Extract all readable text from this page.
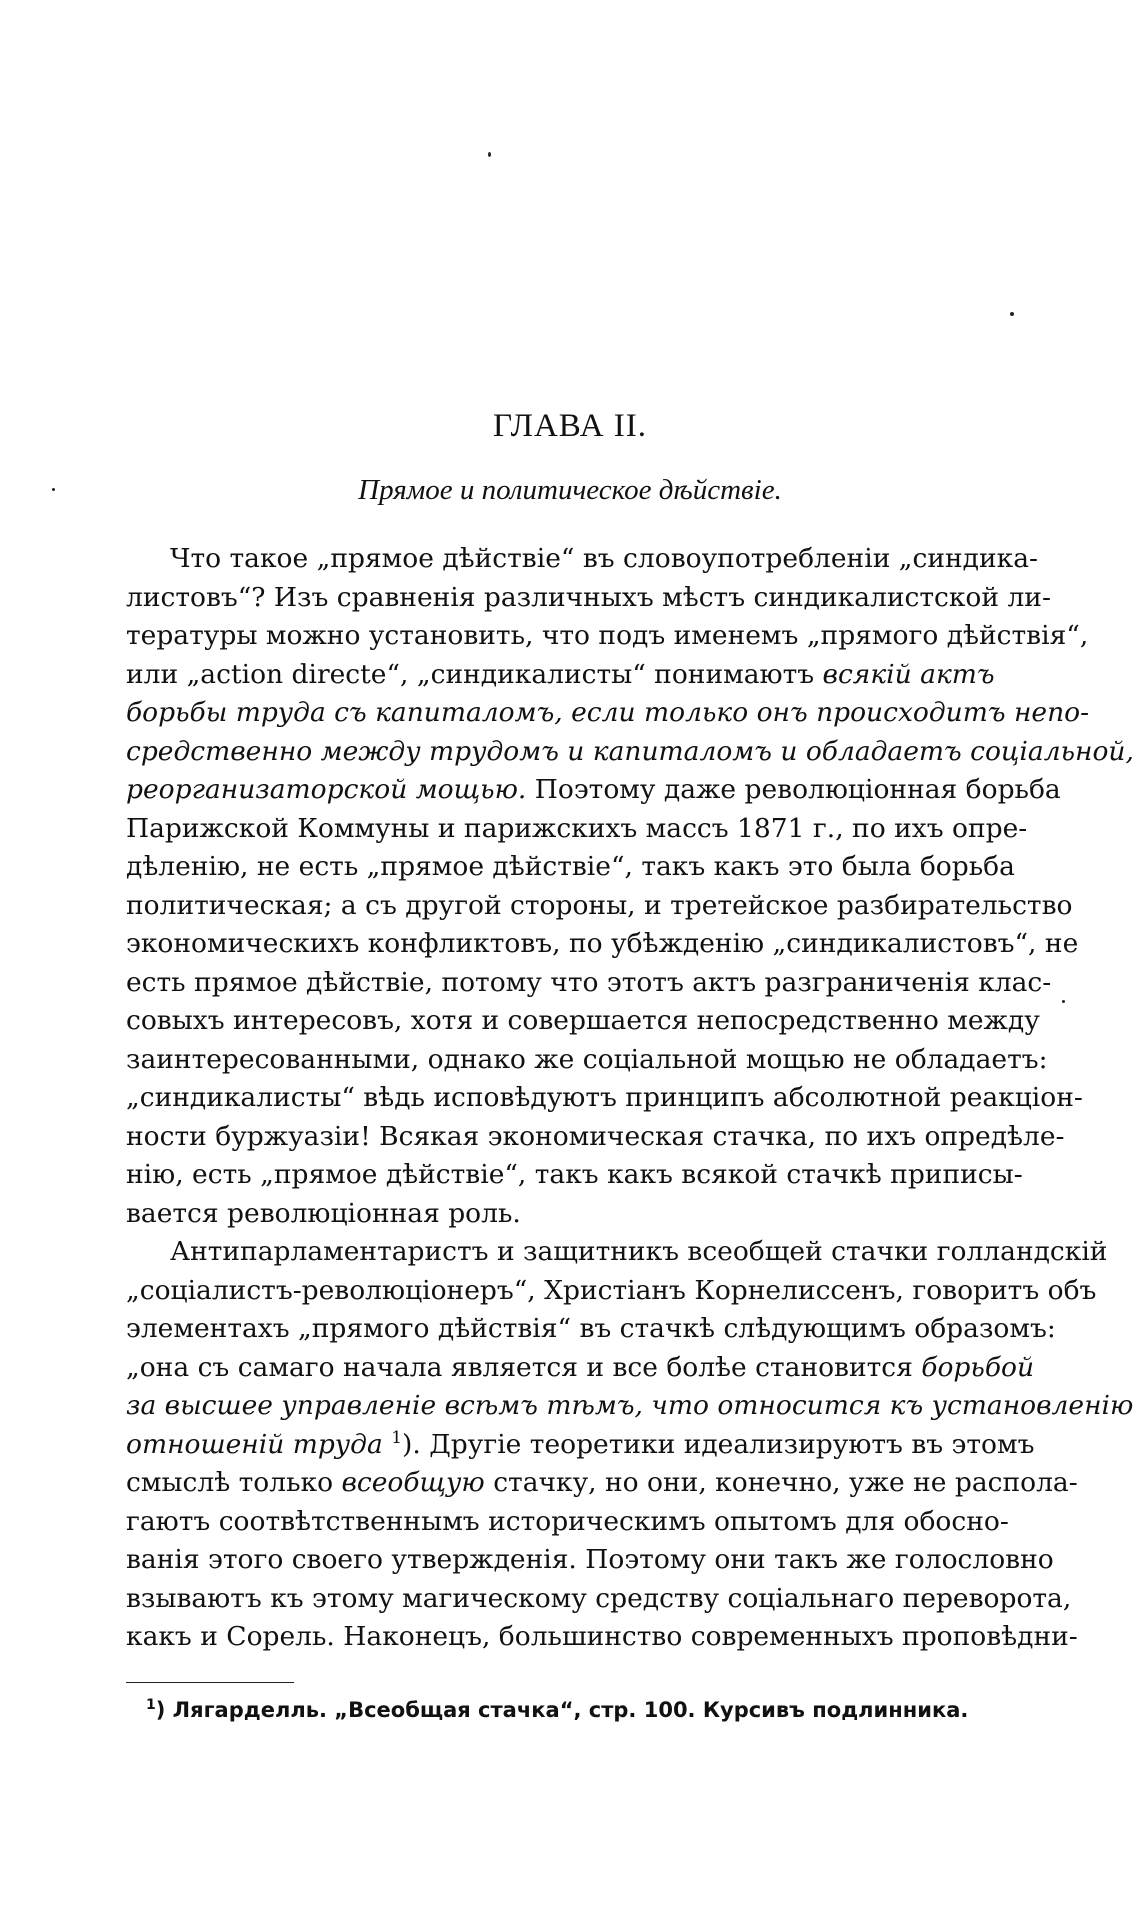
ГЛАВА II.
Прямое и политическое дѣйствіе.
Что такое „прямое дѣйствіе“ въ словоупотребленіи „синдика-
листовъ“? Изъ сравненія различныхъ мѣстъ синдикалистской ли-
тературы можно установить, что подъ именемъ „прямого дѣйствія“,
или „action directe“, „синдикалисты“ понимаютъ всякій актъ
борьбы труда съ капиталомъ, если только онъ происходитъ непо-
средственно между трудомъ и капиталомъ и обладаетъ соціальной,
реорганизаторской мощью. Поэтому даже революціонная борьба
Парижской Коммуны и парижскихъ массъ 1871 г., по ихъ опре-
дѣленію, не есть „прямое дѣйствіе“, такъ какъ это была борьба
политическая; а съ другой стороны, и третейское разбирательство
экономическихъ конфликтовъ, по убѣжденію „синдикалистовъ“, не
есть прямое дѣйствіе, потому что этотъ актъ разграниченія клас-
совыхъ интересовъ, хотя и совершается непосредственно между
заинтересованными, однако же соціальной мощью не обладаетъ:
„синдикалисты“ вѣдь исповѣдуютъ принципъ абсолютной реакціон-
ности буржуазіи! Всякая экономическая стачка, по ихъ опредѣле-
нію, есть „прямое дѣйствіе“, такъ какъ всякой стачкѣ приписы-
вается революціонная роль.
Антипарламентаристъ и защитникъ всеобщей стачки голландскій
„соціалистъ-революціонеръ“, Христіанъ Корнелиссенъ, говоритъ объ
элементахъ „прямого дѣйствія“ въ стачкѣ слѣдующимъ образомъ:
„она съ самаго начала является и все болѣе становится борьбой
за высшее управленіе всѣмъ тѣмъ, что относится къ установленію
отношеній труда $^1$). Другіе теоретики идеализируютъ въ этомъ
смыслѣ только всеобщую стачку, но они, конечно, уже не распола-
гаютъ соотвѣтственнымъ историческимъ опытомъ для обосно-
ванія этого своего утвержденія. Поэтому они такъ же голословно
взываютъ къ этому магическому средству соціальнаго переворота,
какъ и Сорель. Наконецъ, большинство современныхъ проповѣдни-
$^1$) Лягарделль. „Всеобщая стачка“, стр. 100. Курсивъ подлинника.
